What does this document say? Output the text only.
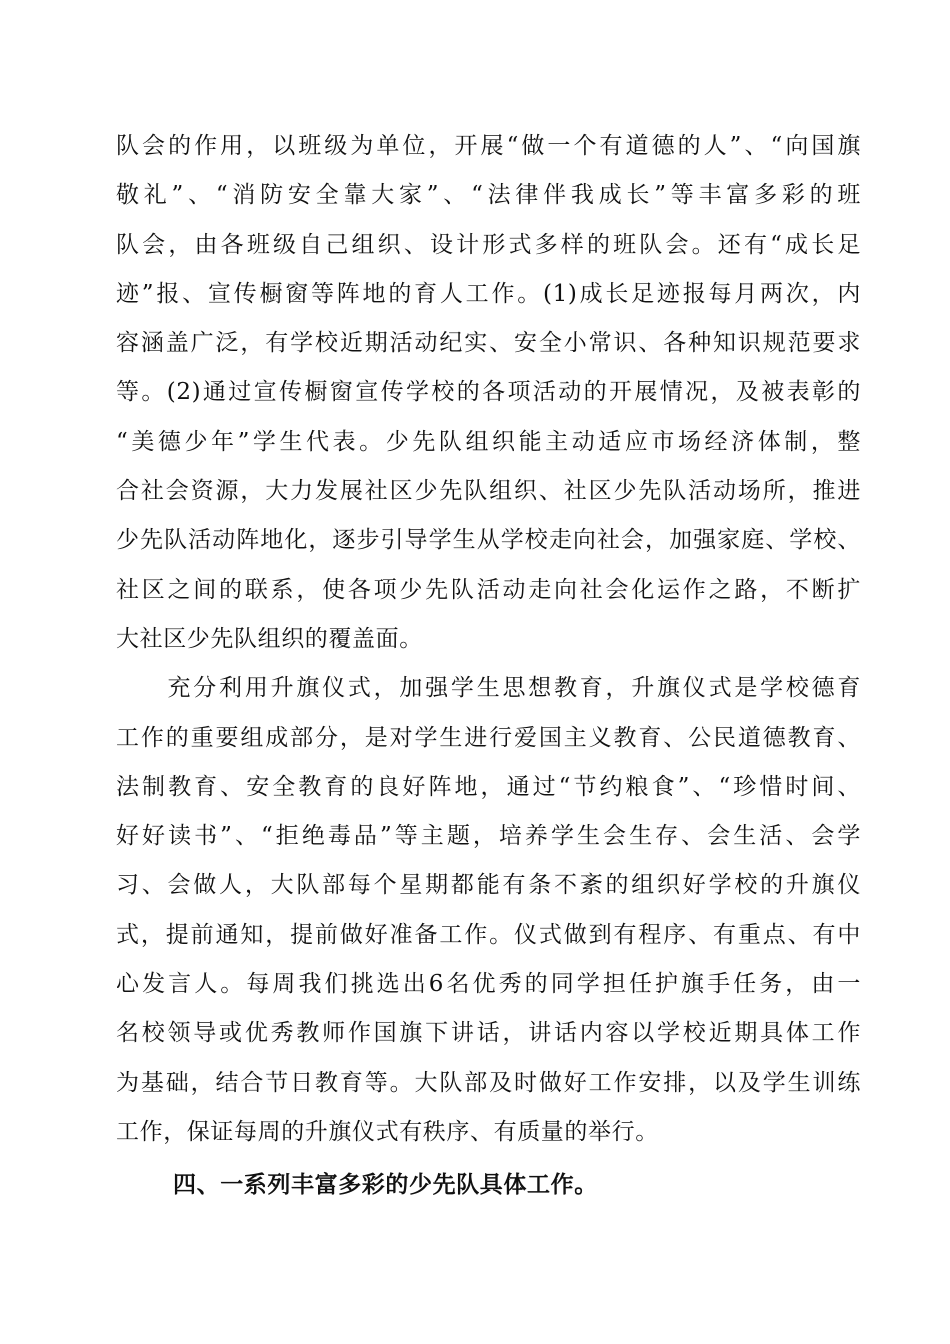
队会的作用，以班级为单位，开展“做一个有道德的人”、“向国旗
敬礼”、“消防安全靠大家”、“法律伴我成长”等丰富多彩的班
队会，由各班级自己组织、设计形式多样的班队会。还有“成长足
迹”报、宣传橱窗等阵地的育人工作。(1)成长足迹报每月两次，内
容涵盖广泛，有学校近期活动纪实、安全小常识、各种知识规范要求
等。(2)通过宣传橱窗宣传学校的各项活动的开展情况，及被表彰的
“美德少年”学生代表。少先队组织能主动适应市场经济体制，整
合社会资源，大力发展社区少先队组织、社区少先队活动场所，推进
少先队活动阵地化，逐步引导学生从学校走向社会，加强家庭、学校、
社区之间的联系，使各项少先队活动走向社会化运作之路，不断扩
大社区少先队组织的覆盖面。
　　充分利用升旗仪式，加强学生思想教育，升旗仪式是学校德育
工作的重要组成部分，是对学生进行爱国主义教育、公民道德教育、
法制教育、安全教育的良好阵地，通过“节约粮食”、“珍惜时间、
好好读书”、“拒绝毒品”等主题，培养学生会生存、会生活、会学
习、会做人，大队部每个星期都能有条不紊的组织好学校的升旗仪
式，提前通知，提前做好准备工作。仪式做到有程序、有重点、有中
心发言人。每周我们挑选出6名优秀的同学担任护旗手任务，由一
名校领导或优秀教师作国旗下讲话，讲话内容以学校近期具体工作
为基础，结合节日教育等。大队部及时做好工作安排，以及学生训练
工作，保证每周的升旗仪式有秩序、有质量的举行。
四、一系列丰富多彩的少先队具体工作。
